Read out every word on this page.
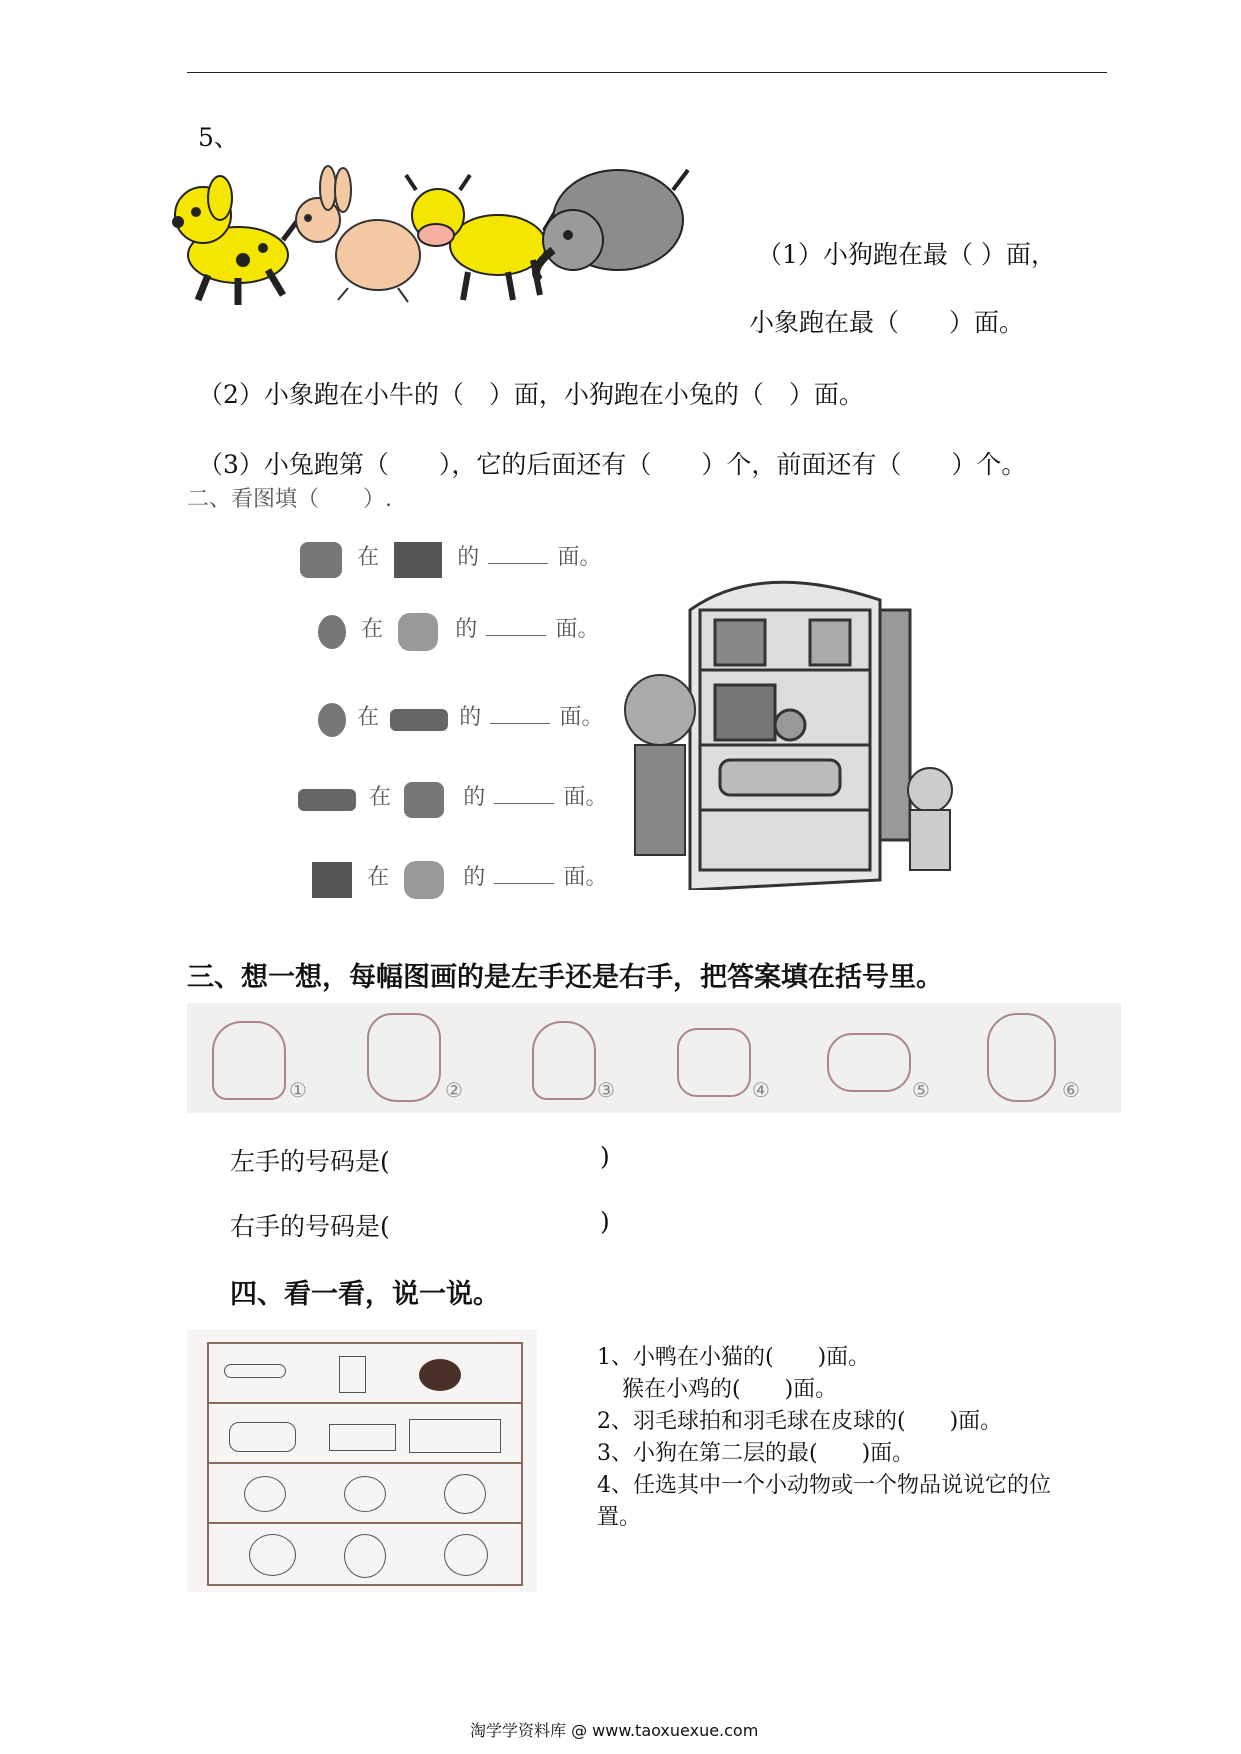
5、
（1）小狗跑在最（ ）面，
小象跑在最（　　）面。
（2）小象跑在小牛的（　）面，小狗跑在小兔的（　）面。
（3）小兔跑第（　　），它的后面还有（　　）个，前面还有（　　）个。
二、看图填（　　）.
在	的	面。
在	的	面。
在	的	面。
在	的	面。
在	的	面。
三、想一想，每幅图画的是左手还是右手，把答案填在括号里。
①	②	③	④	⑤	⑥
左手的号码是(	)
右手的号码是(	)
四、看一看，说一说。
1、小鸭在小猫的(　　)面。
猴在小鸡的(　　)面。
2、羽毛球拍和羽毛球在皮球的(　　)面。
3、小狗在第二层的最(　　)面。
4、任选其中一个小动物或一个物品说说它的位
置。
淘学学资料库 @ www.taoxuexue.com
